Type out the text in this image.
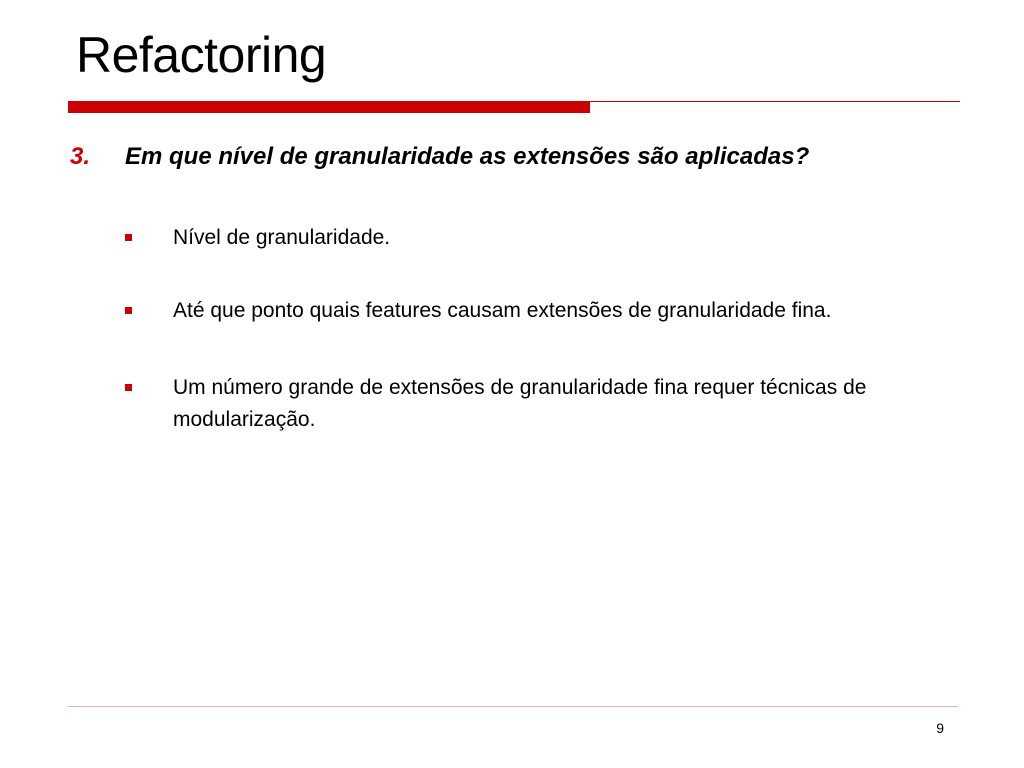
Refactoring
3. Em que nível de granularidade as extensões são aplicadas?
Nível de granularidade.
Até que ponto quais features causam extensões de granularidade fina.
Um número grande de extensões de granularidade fina requer técnicas de modularização.
9
